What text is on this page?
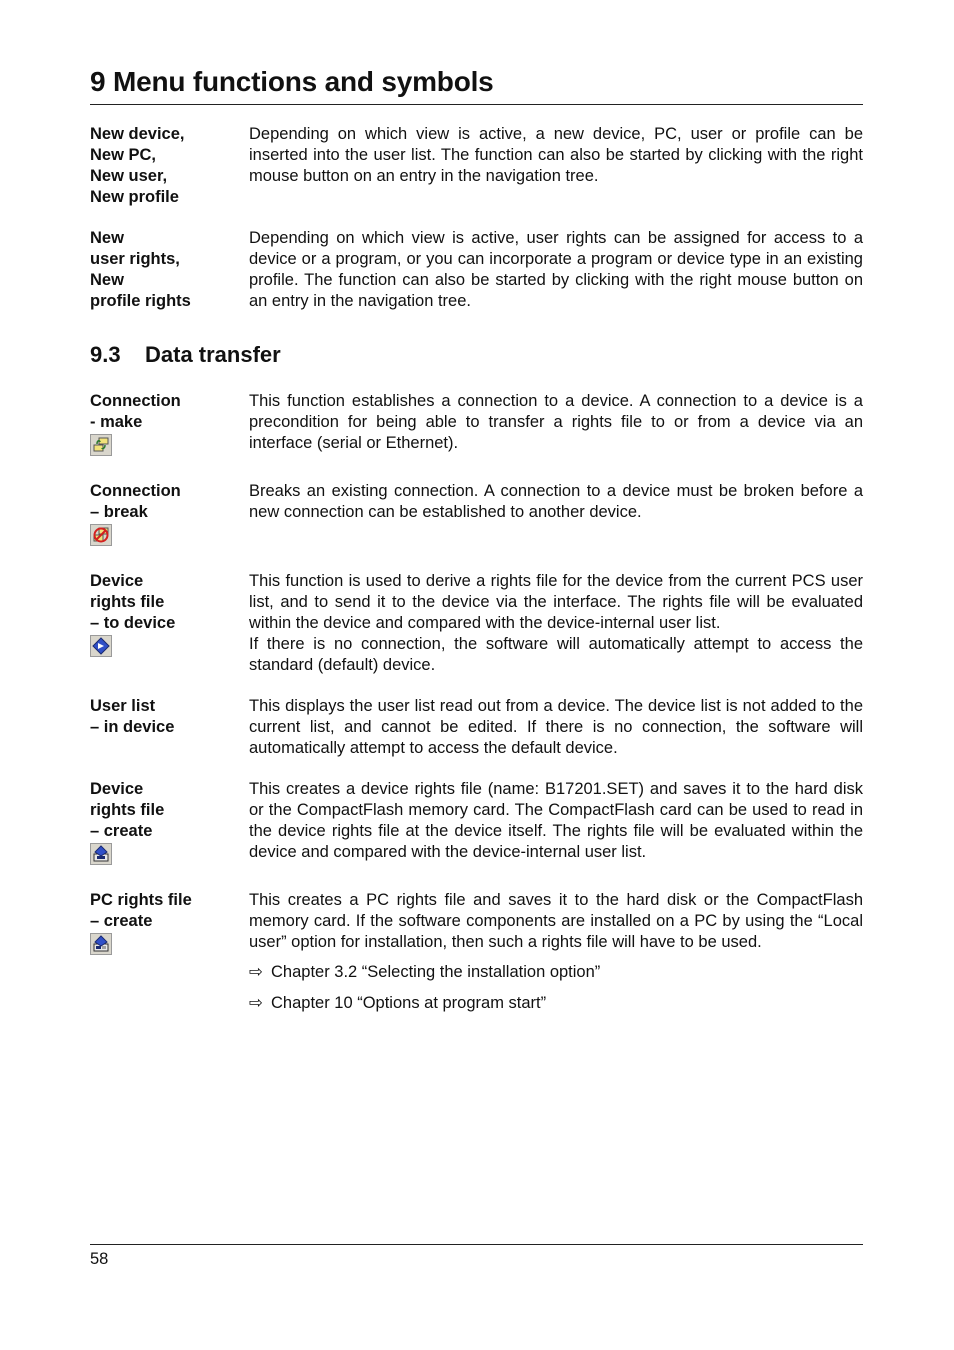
9 Menu functions and symbols
New device,
New PC,
New user,
New profile

Depending on which view is active, a new device, PC, user or profile can be inserted into the user list. The function can also be started by clicking with the right mouse button on an entry in the navigation tree.

New
user rights,
New
profile rights

Depending on which view is active, user rights can be assigned for access to a device or a program, or you can incorporate a program or device type in an existing profile. The function can also be started by clicking with the right mouse button on an entry in the navigation tree.

9.3 Data transfer
Connection
- make

This function establishes a connection to a device. A connection to a device is a precondition for being able to transfer a rights file to or from a device via an interface (serial or Ethernet).

Connection
– break

Breaks an existing connection. A connection to a device must be broken before a new connection can be established to another device.

Device
rights file
– to device

This function is used to derive a rights file for the device from the current PCS user list, and to send it to the device via the interface. The rights file will be evaluated within the device and compared with the device-internal user list.

If there is no connection, the software will automatically attempt to access the standard (default) device.

User list
– in device

This displays the user list read out from a device. The device list is not added to the current list, and cannot be edited. If there is no connection, the software will automatically attempt to access the default device.

Device
rights file
– create

This creates a device rights file (name: B17201.SET) and saves it to the hard disk or the CompactFlash memory card. The CompactFlash card can be used to read in the device rights file at the device itself. The rights file will be evaluated within the device and compared with the device-internal user list.

PC rights file
– create

This creates a PC rights file and saves it to the hard disk or the CompactFlash memory card. If the software components are installed on a PC by using the “Local user” option for installation, then such a rights file will have to be used.

⇨ Chapter 3.2 “Selecting the installation option”
⇨ Chapter 10 “Options at program start”
58
